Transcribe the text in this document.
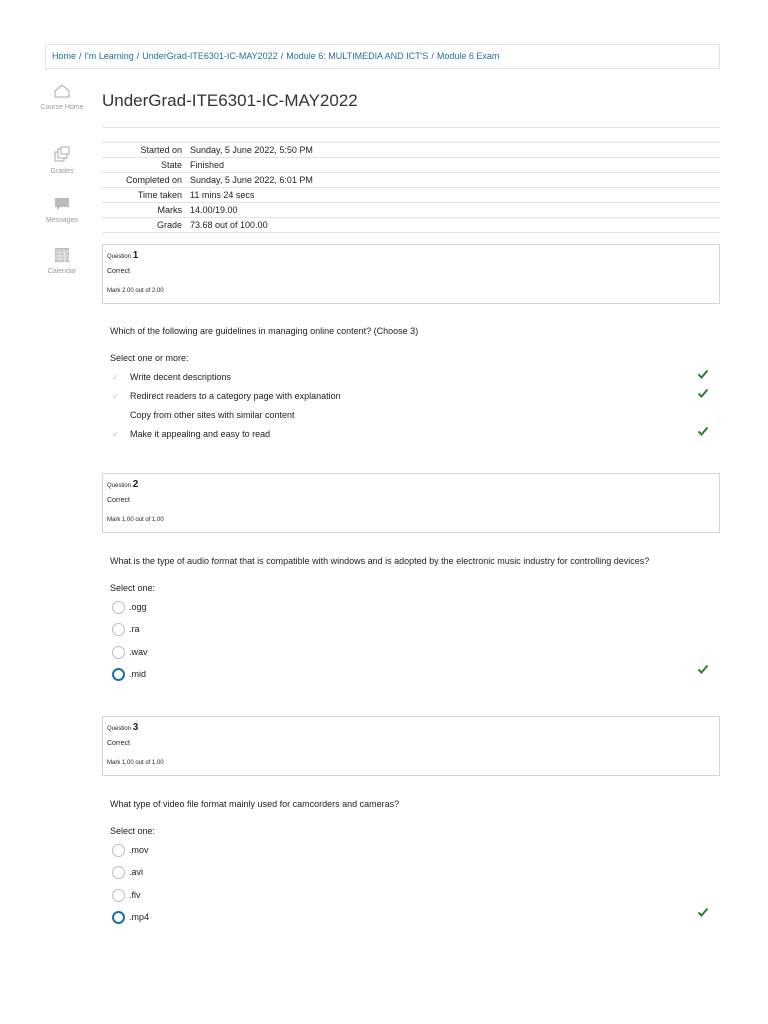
Home / I'm Learning / UnderGrad-ITE6301-IC-MAY2022 / Module 6: MULTIMEDIA AND ICT'S / Module 6 Exam
Course Home
Grades
Messages
Calendar
UnderGrad-ITE6301-IC-MAY2022
Started on	Sunday, 5 June 2022, 5:50 PM
State	Finished
Completed on	Sunday, 5 June 2022, 6:01 PM
Time taken	11 mins 24 secs
Marks	14.00/19.00
Grade	73.68 out of 100.00
Question 1
Correct
Mark 2.00 out of 2.00
Which of the following are guidelines in managing online content? (Choose 3)
Select one or more:
✓ Write decent descriptions
✓ Redirect readers to a category page with explanation
Copy from other sites with similar content
✓ Make it appealing and easy to read
Question 2
Correct
Mark 1.00 out of 1.00
What is the type of audio format that is compatible with windows and is adopted by the electronic music industry for controlling devices?
Select one:
.ogg
.ra
.wav
.mid
Question 3
Correct
Mark 1.00 out of 1.00
What type of video file format mainly used for camcorders and cameras?
Select one:
.mov
.avi
.flv
.mp4
